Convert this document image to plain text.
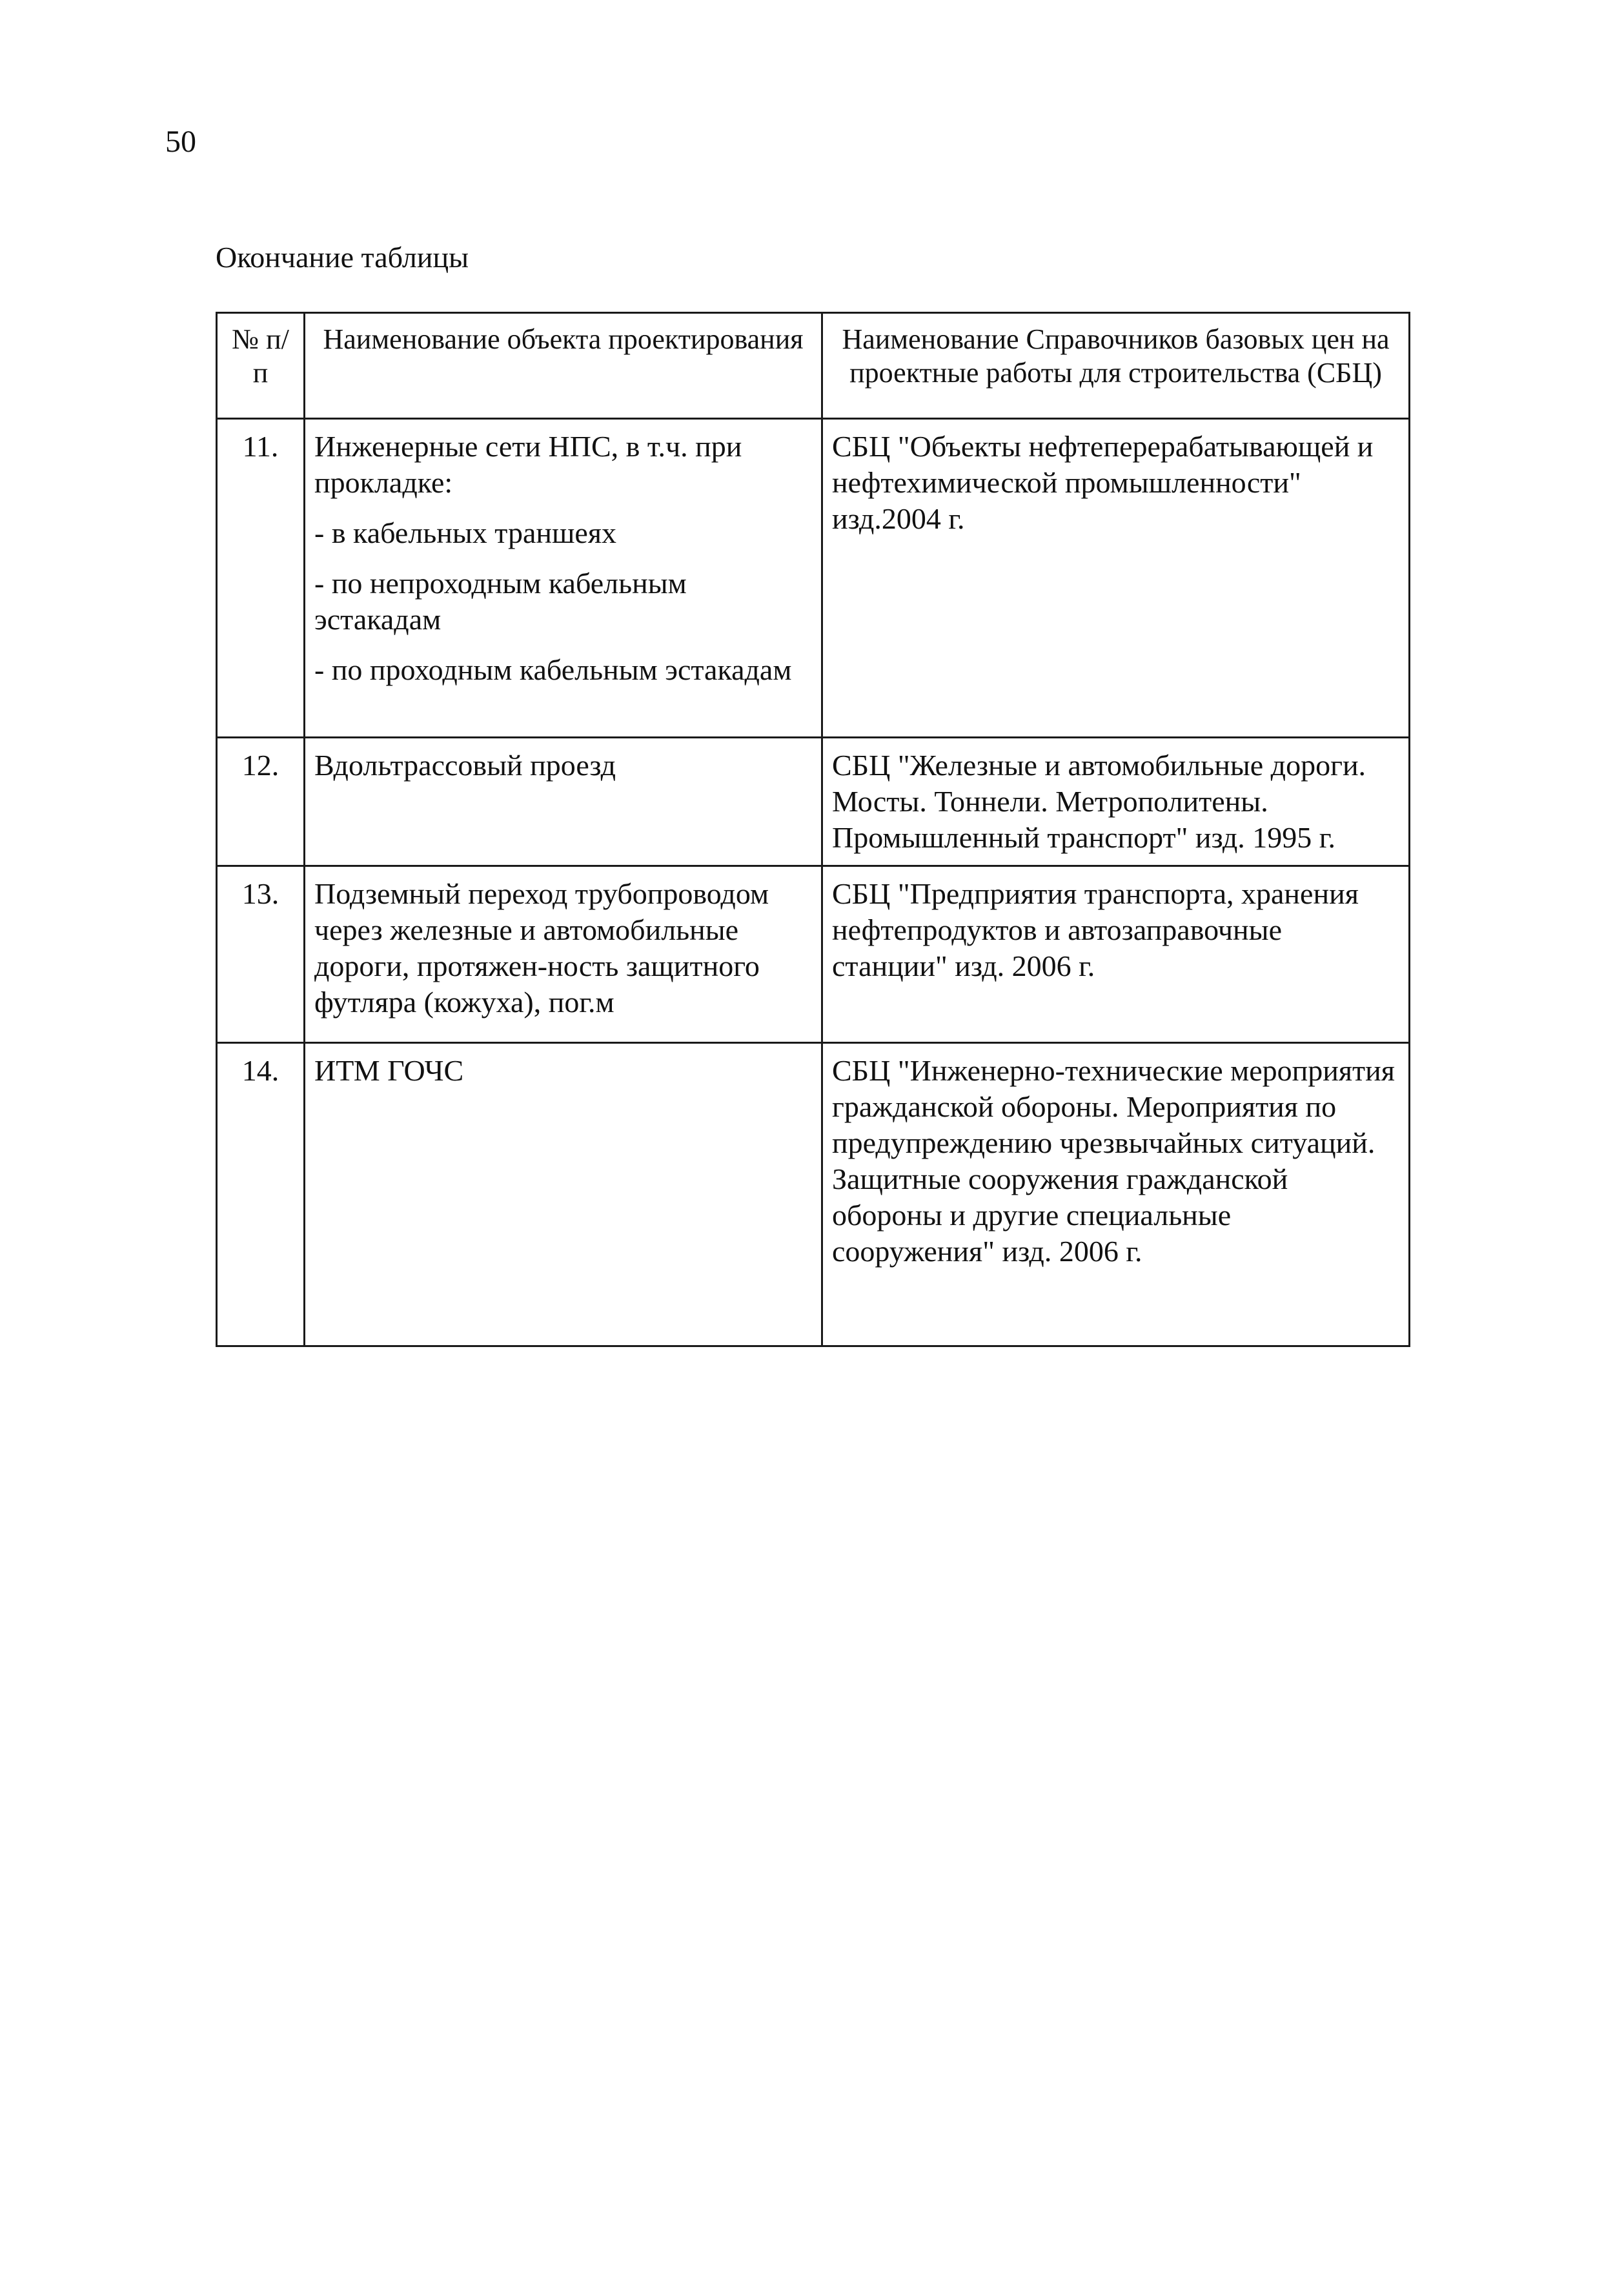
50
Окончание таблицы
№ п/п	Наименование объекта проектирования	Наименование Справочников базовых цен на проектные работы для строительства (СБЦ)
11.	Инженерные сети НПС, в т.ч. при прокладке:
- в кабельных траншеях
- по непроходным кабельным эстакадам
- по проходным кабельным эстакадам	СБЦ "Объекты нефтеперерабатывающей и нефтехимической промышленности" изд.2004 г.
12.	Вдольтрассовый проезд	СБЦ "Железные и автомобильные дороги. Мосты. Тоннели. Метрополитены. Промышленный транспорт" изд. 1995 г.
13.	Подземный переход трубопроводом через железные и автомобильные дороги, протяжен-ность защитного футляра (кожуха), пог.м	СБЦ "Предприятия транспорта, хранения нефтепродуктов и автозаправочные станции" изд. 2006 г.
14.	ИТМ ГОЧС	СБЦ "Инженерно-технические мероприятия гражданской обороны. Мероприятия по предупреждению чрезвычайных ситуаций. Защитные сооружения гражданской обороны и другие специальные сооружения" изд. 2006 г.
